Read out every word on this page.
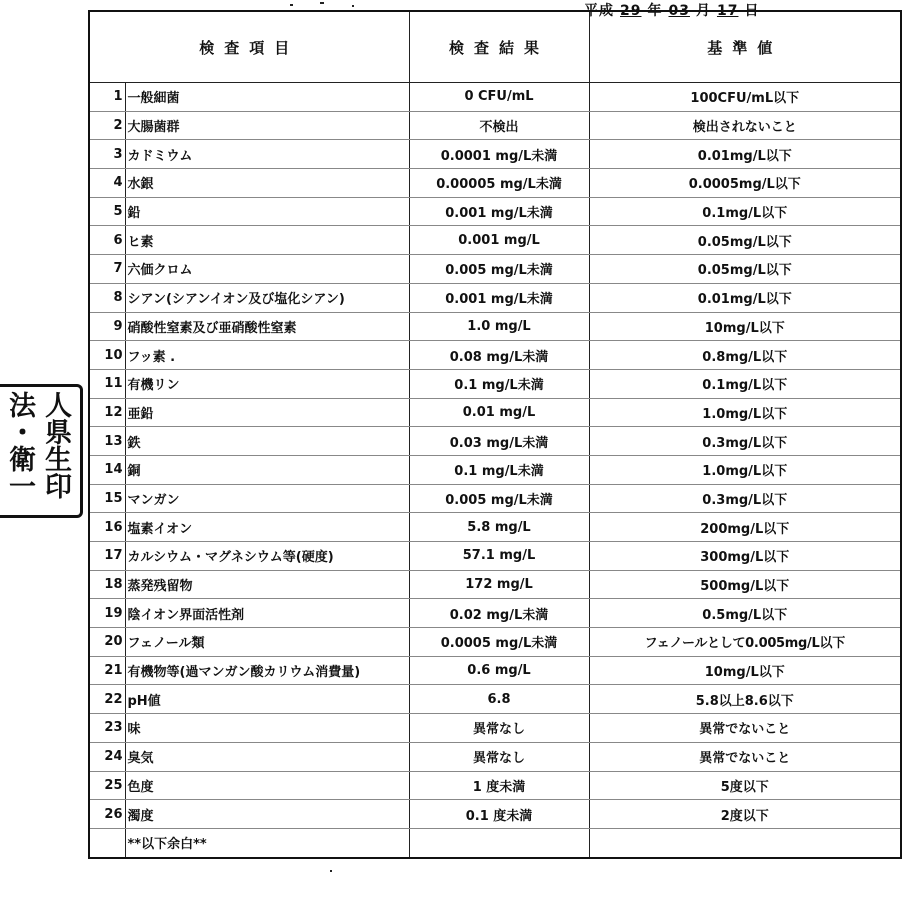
平成 29 年 03 月 17 日
検査項目		検査結果	基準値
1	一般細菌	0 CFU/mL	100CFU/mL以下
2	大腸菌群	不検出	検出されないこと
3	カドミウム	0.0001 mg/L未満	0.01mg/L以下
4	水銀	0.00005 mg/L未満	0.0005mg/L以下
5	鉛	0.001 mg/L未満	0.1mg/L以下
6	ヒ素	0.001 mg/L	0.05mg/L以下
7	六価クロム	0.005 mg/L未満	0.05mg/L以下
8	シアン(シアンイオン及び塩化シアン)	0.001 mg/L未満	0.01mg/L以下
9	硝酸性窒素及び亜硝酸性窒素	1.0 mg/L	10mg/L以下
10	フッ素 .	0.08 mg/L未満	0.8mg/L以下
11	有機リン	0.1 mg/L未満	0.1mg/L以下
12	亜鉛	0.01 mg/L	1.0mg/L以下
13	鉄	0.03 mg/L未満	0.3mg/L以下
14	銅	0.1 mg/L未満	1.0mg/L以下
15	マンガン	0.005 mg/L未満	0.3mg/L以下
16	塩素イオン	5.8 mg/L	200mg/L以下
17	カルシウム・マグネシウム等(硬度)	57.1 mg/L	300mg/L以下
18	蒸発残留物	172 mg/L	500mg/L以下
19	陰イオン界面活性剤	0.02 mg/L未満	0.5mg/L以下
20	フェノール類	0.0005 mg/L未満	フェノールとして0.005mg/L以下
21	有機物等(過マンガン酸カリウム消費量)	0.6 mg/L	10mg/L以下
22	pH値	6.8	5.8以上8.6以下
23	味	異常なし	異常でないこと
24	臭気	異常なし	異常でないこと
25	色度	1 度未満	5度以下
26	濁度	0.1 度未満	2度以下
	**以下余白**		
人県生印
法・衛一
